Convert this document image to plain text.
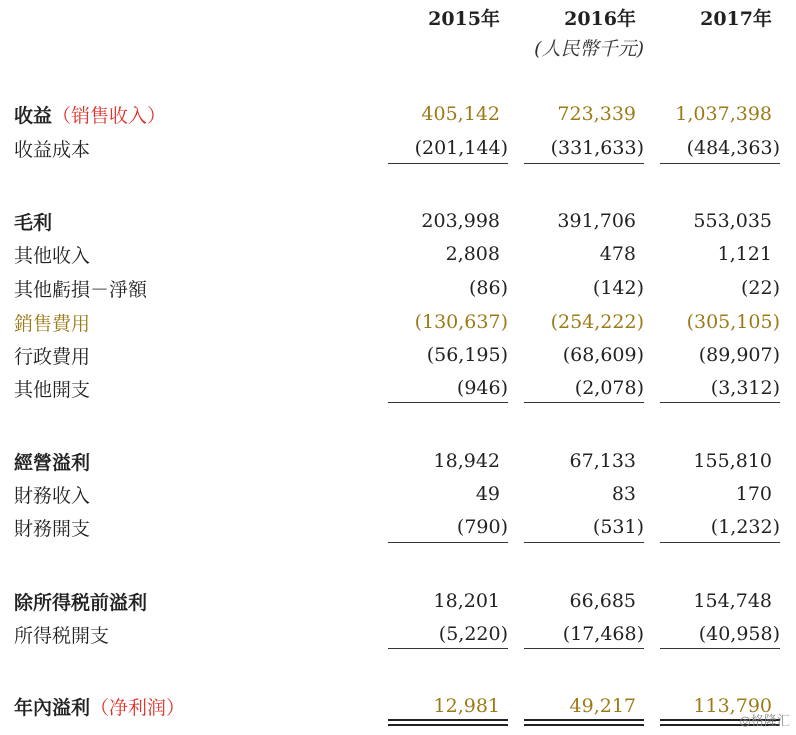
2015年	2016年	2017年
(人民幣千元)
收益（销售收入）	405,142	723,339 1,037,398
收益成本	(201,144) (331,633) (484,363)
毛利	203,998	391,706	553,035
其他收入	2,808	478	1,121
其他虧損－淨額	(86)	(142)	(22)
銷售費用	(130,637) (254,222) (305,105)
行政費用	(56,195)	(68,609)	(89,907)
其他開支	(946)	(2,078)	(3,312)
經營溢利	18,942	67,133	155,810
財務收入	49	83	170
財務開支	(790)	(531)	(1,232)
除所得税前溢利	18,201	66,685	154,748
所得税開支	(5,220)	(17,468)	(40,958)
年內溢利（净利润）	12,981	49,217	113,790
◎格隆汇
